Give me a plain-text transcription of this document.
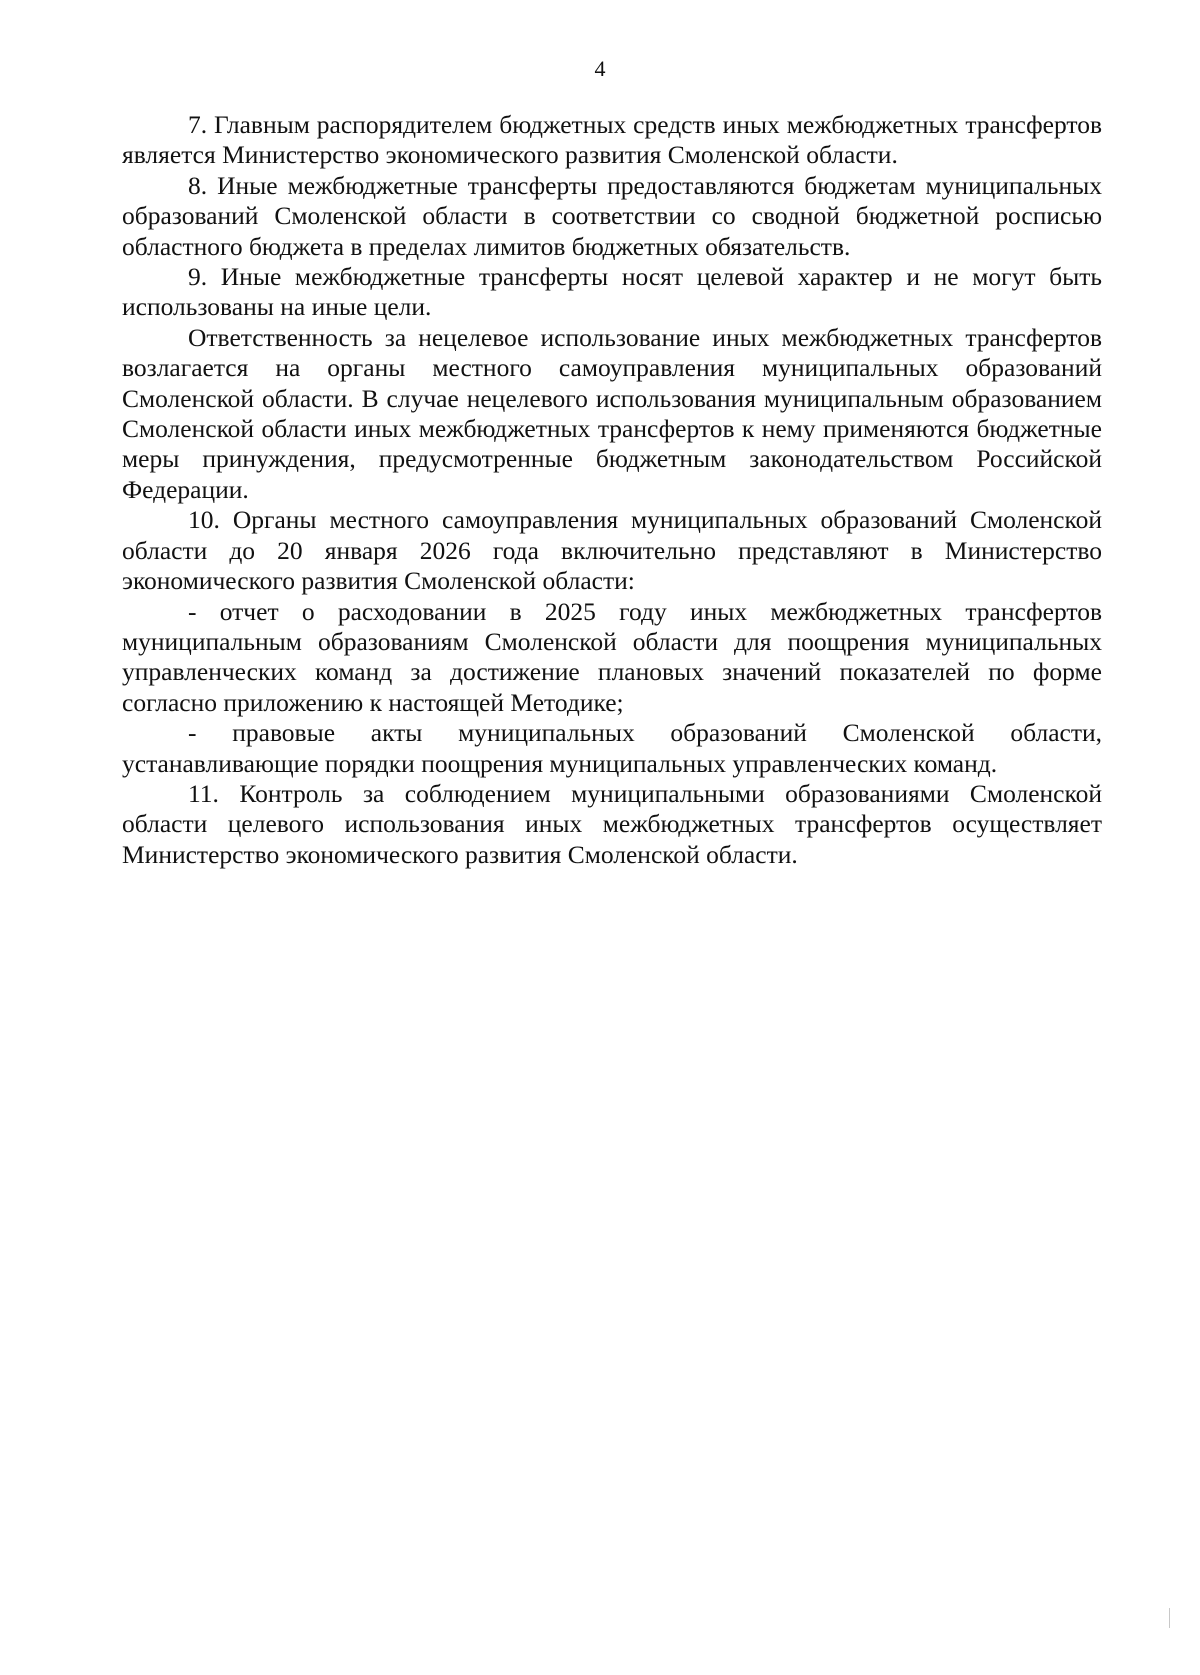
4

7. Главным распорядителем бюджетных средств иных межбюджетных трансфертов является Министерство экономического развития Смоленской области.

8. Иные межбюджетные трансферты предоставляются бюджетам муниципальных образований Смоленской области в соответствии со сводной бюджетной росписью областного бюджета в пределах лимитов бюджетных обязательств.

9. Иные межбюджетные трансферты носят целевой характер и не могут быть использованы на иные цели.

Ответственность за нецелевое использование иных межбюджетных трансфертов возлагается на органы местного самоуправления муниципальных образований Смоленской области. В случае нецелевого использования муниципальным образованием Смоленской области иных межбюджетных трансфертов к нему применяются бюджетные меры принуждения, предусмотренные бюджетным законодательством Российской Федерации.

10. Органы местного самоуправления муниципальных образований Смоленской области до 20 января 2026 года включительно представляют в Министерство экономического развития Смоленской области:

- отчет о расходовании в 2025 году иных межбюджетных трансфертов муниципальным образованиям Смоленской области для поощрения муниципальных управленческих команд за достижение плановых значений показателей по форме согласно приложению к настоящей Методике;

- правовые акты муниципальных образований Смоленской области, устанавливающие порядки поощрения муниципальных управленческих команд.

11. Контроль за соблюдением муниципальными образованиями Смоленской области целевого использования иных межбюджетных трансфертов осуществляет Министерство экономического развития Смоленской области.
